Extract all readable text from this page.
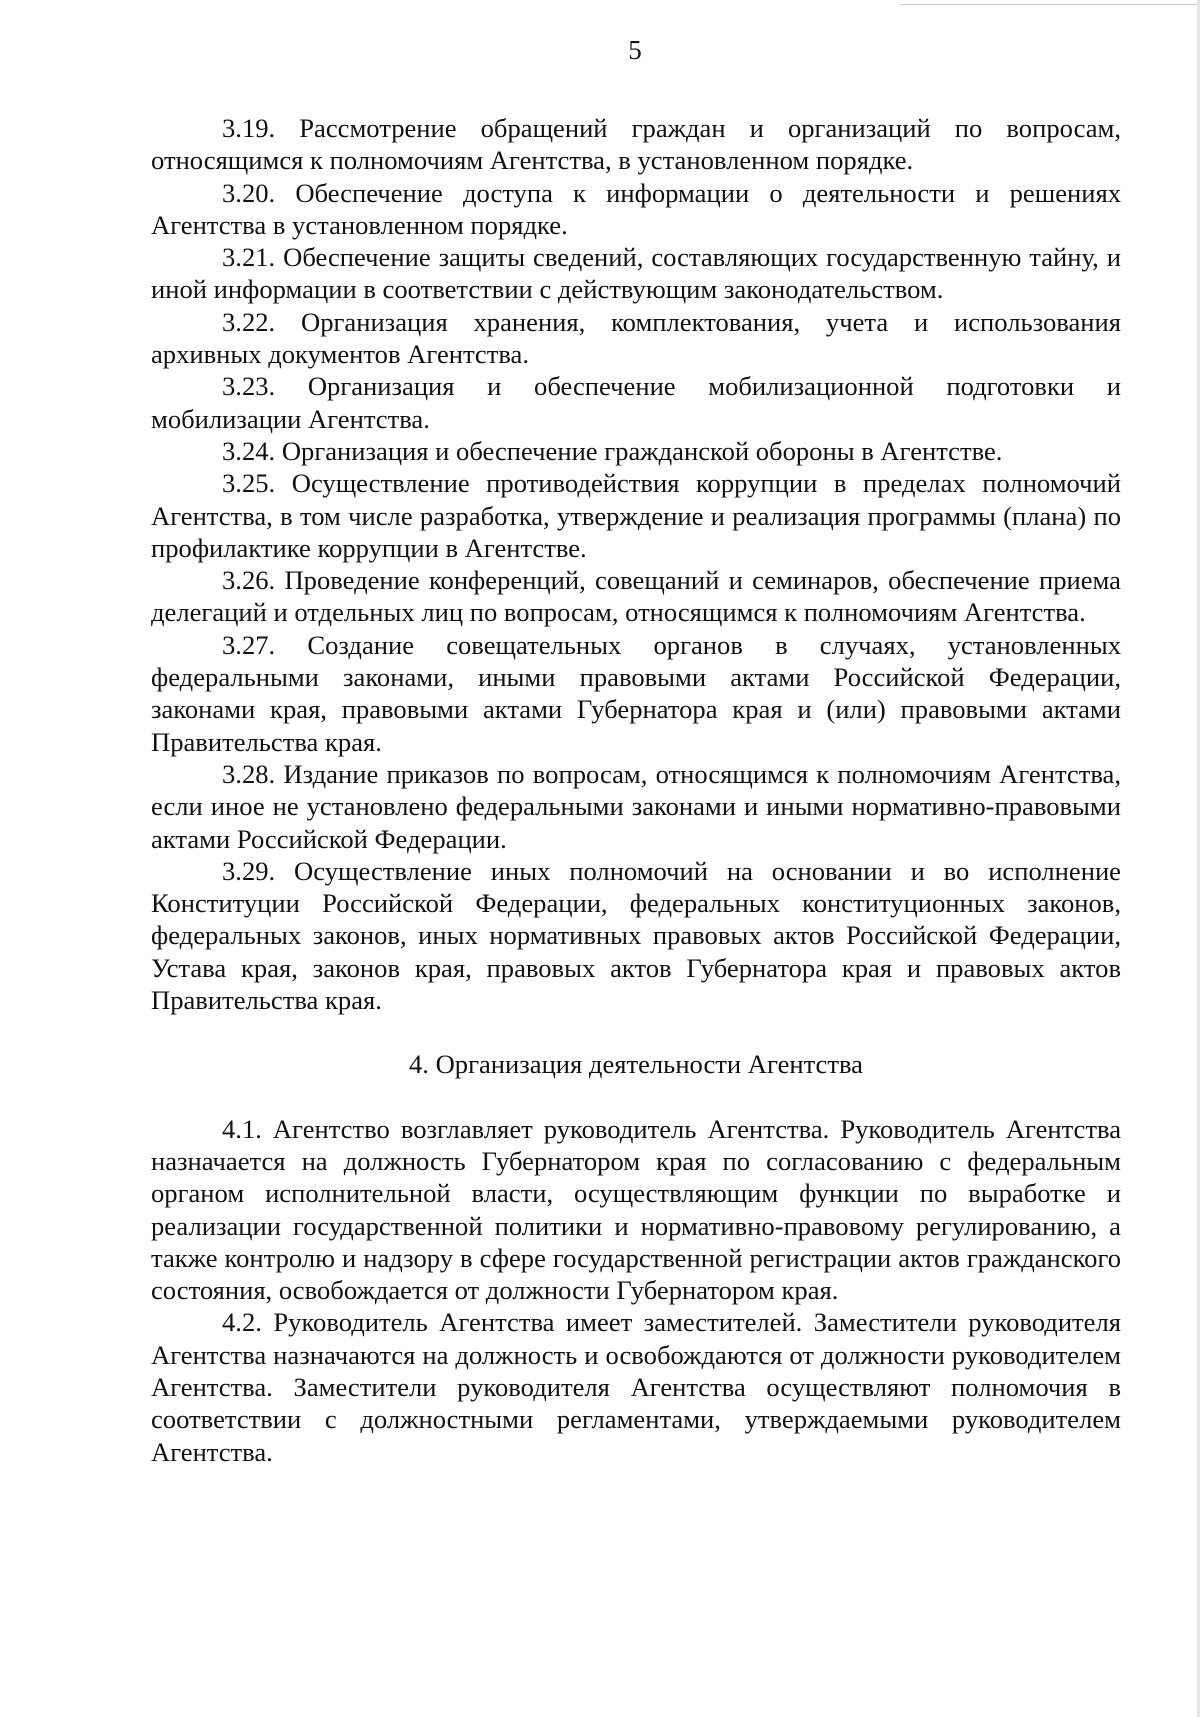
5

3.19. Рассмотрение обращений граждан и организаций по вопросам, относящимся к полномочиям Агентства, в установленном порядке.

3.20. Обеспечение доступа к информации о деятельности и решениях Агентства в установленном порядке.

3.21. Обеспечение защиты сведений, составляющих государственную тайну, и иной информации в соответствии с действующим законодательством.

3.22. Организация хранения, комплектования, учета и использования архивных документов Агентства.

3.23. Организация и обеспечение мобилизационной подготовки и мобилизации Агентства.

3.24. Организация и обеспечение гражданской обороны в Агентстве.

3.25. Осуществление противодействия коррупции в пределах полномочий Агентства, в том числе разработка, утверждение и реализация программы (плана) по профилактике коррупции в Агентстве.

3.26. Проведение конференций, совещаний и семинаров, обеспечение приема делегаций и отдельных лиц по вопросам, относящимся к полномочиям Агентства.

3.27. Создание совещательных органов в случаях, установленных федеральными законами, иными правовыми актами Российской Федерации, законами края, правовыми актами Губернатора края и (или) правовыми актами Правительства края.

3.28. Издание приказов по вопросам, относящимся к полномочиям Агентства, если иное не установлено федеральными законами и иными нормативно-правовыми актами Российской Федерации.

3.29. Осуществление иных полномочий на основании и во исполнение Конституции Российской Федерации, федеральных конституционных законов, федеральных законов, иных нормативных правовых актов Российской Федерации, Устава края, законов края, правовых актов Губернатора края и правовых актов Правительства края.

4. Организация деятельности Агентства

4.1. Агентство возглавляет руководитель Агентства. Руководитель Агентства назначается на должность Губернатором края по согласованию с федеральным органом исполнительной власти, осуществляющим функции по выработке и реализации государственной политики и нормативно-правовому регулированию, а также контролю и надзору в сфере государственной регистрации актов гражданского состояния, освобождается от должности Губернатором края.

4.2. Руководитель Агентства имеет заместителей. Заместители руководителя Агентства назначаются на должность и освобождаются от должности руководителем Агентства. Заместители руководителя Агентства осуществляют полномочия в соответствии с должностными регламентами, утверждаемыми руководителем Агентства.
